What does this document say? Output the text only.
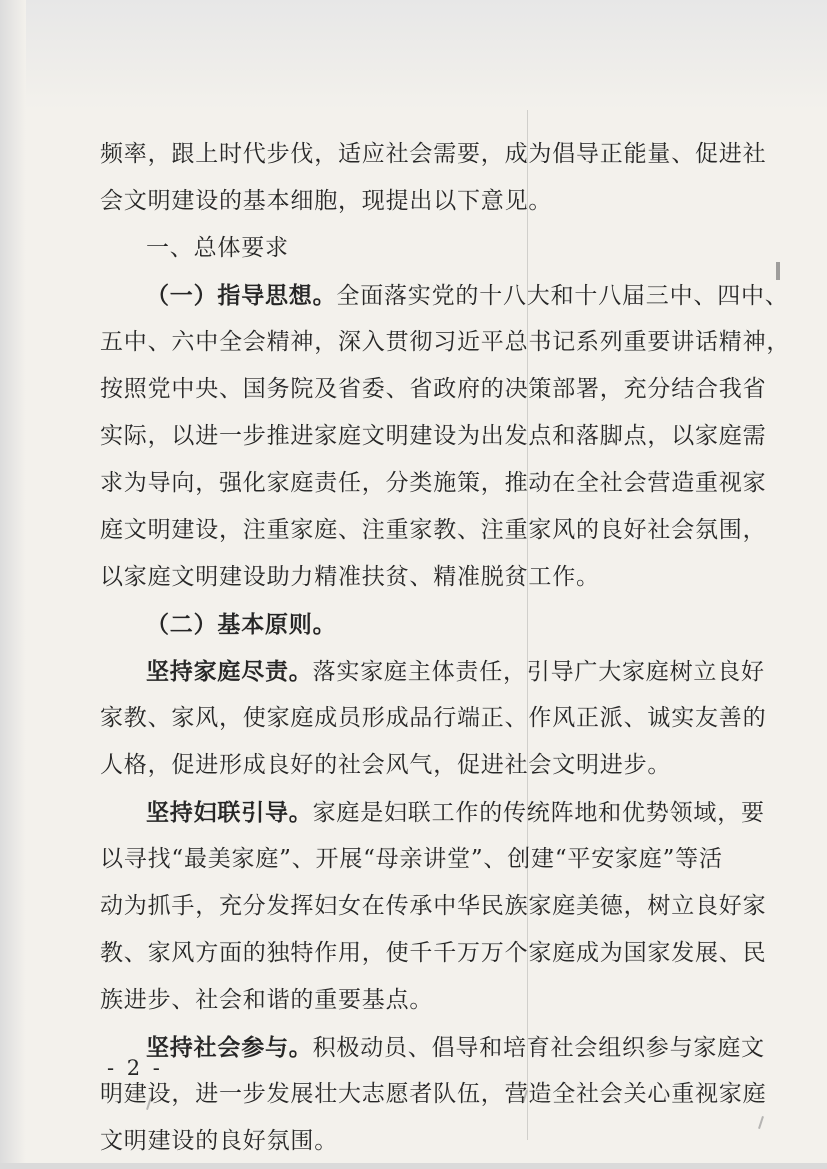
频率，跟上时代步伐，适应社会需要，成为倡导正能量、促进社
会文明建设的基本细胞，现提出以下意见。
一、总体要求
（一）指导思想。全面落实党的十八大和十八届三中、四中、
五中、六中全会精神，深入贯彻习近平总书记系列重要讲话精神，
按照党中央、国务院及省委、省政府的决策部署，充分结合我省
实际，以进一步推进家庭文明建设为出发点和落脚点，以家庭需
求为导向，强化家庭责任，分类施策，推动在全社会营造重视家
庭文明建设，注重家庭、注重家教、注重家风的良好社会氛围，
以家庭文明建设助力精准扶贫、精准脱贫工作。
（二）基本原则。
坚持家庭尽责。落实家庭主体责任，引导广大家庭树立良好
家教、家风，使家庭成员形成品行端正、作风正派、诚实友善的
人格，促进形成良好的社会风气，促进社会文明进步。
坚持妇联引导。家庭是妇联工作的传统阵地和优势领域，要
以寻找“最美家庭”、开展“母亲讲堂”、创建“平安家庭”等活
动为抓手，充分发挥妇女在传承中华民族家庭美德，树立良好家
教、家风方面的独特作用，使千千万万个家庭成为国家发展、民
族进步、社会和谐的重要基点。
坚持社会参与。积极动员、倡导和培育社会组织参与家庭文
明建设，进一步发展壮大志愿者队伍，营造全社会关心重视家庭
文明建设的良好氛围。
- 2 -
